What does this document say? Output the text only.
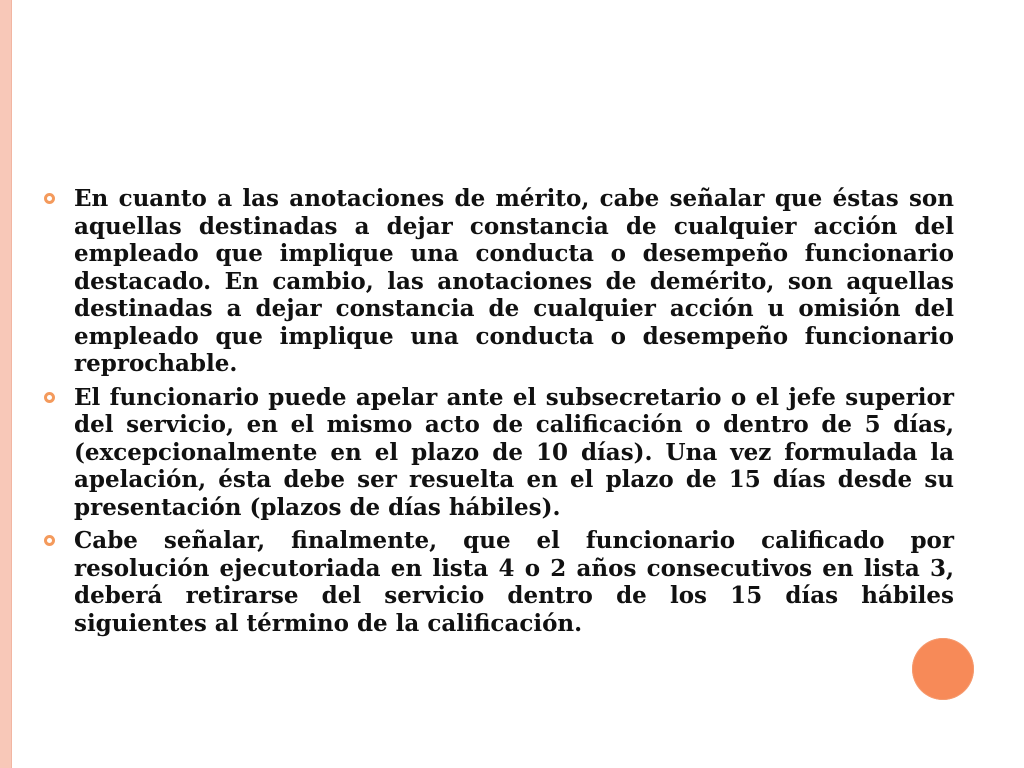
En cuanto a las anotaciones de mérito, cabe señalar que éstas son aquellas destinadas a dejar constancia de cualquier acción del empleado que implique una conducta o desempeño funcionario destacado. En cambio, las anotaciones de demérito, son aquellas destinadas a dejar constancia de cualquier acción u omisión del empleado que implique una conducta o desempeño funcionario reprochable.
El funcionario puede apelar ante el subsecretario o el jefe superior del servicio, en el mismo acto de calificación o dentro de 5 días, (excepcionalmente en el plazo de 10 días). Una vez formulada la apelación, ésta debe ser resuelta en el plazo de 15 días desde su presentación (plazos de días hábiles).
Cabe señalar, finalmente, que el funcionario calificado por resolución ejecutoriada en lista 4 o 2 años consecutivos en lista 3, deberá retirarse del servicio dentro de los 15 días hábiles siguientes al término de la calificación.
